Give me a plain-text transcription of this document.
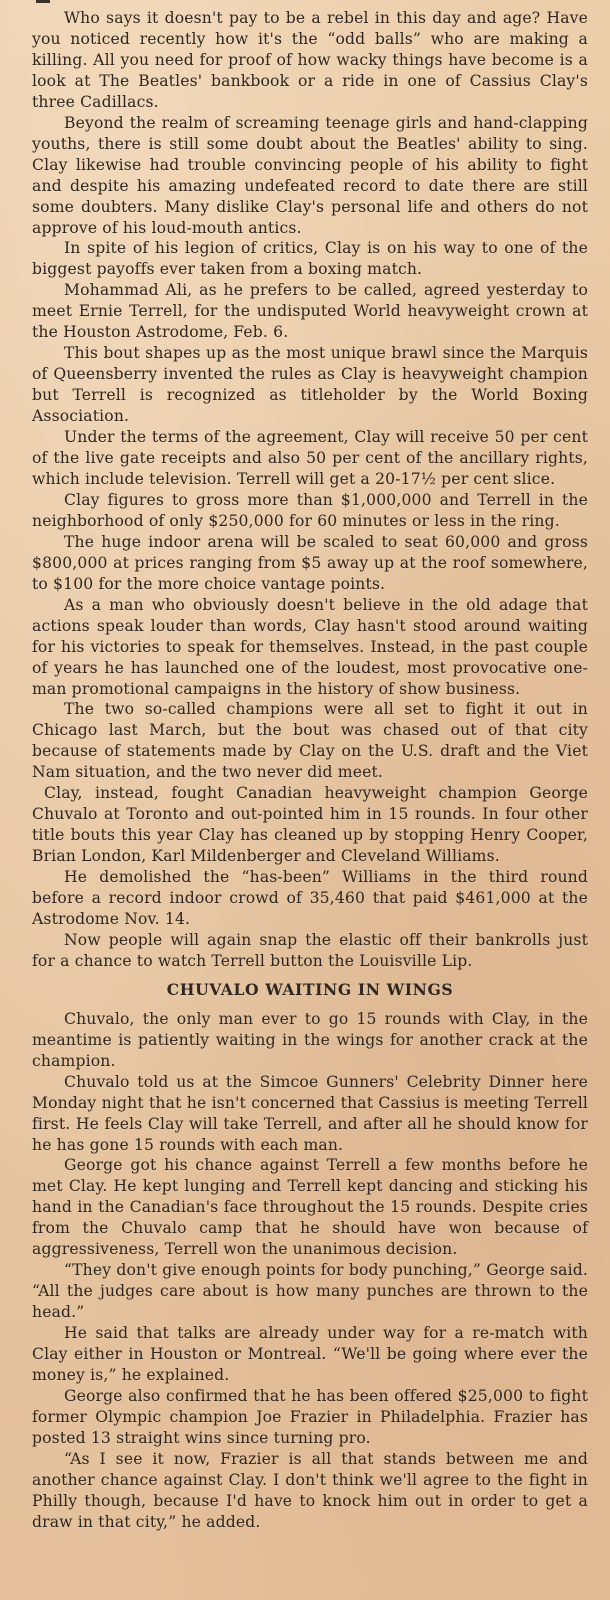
Who says it doesn't pay to be a rebel in this day and age? Have you noticed recently how it's the “odd balls” who are making a killing. All you need for proof of how wacky things have become is a look at The Beatles' bankbook or a ride in one of Cassius Clay's three Cadillacs.

Beyond the realm of screaming teenage girls and hand-clapping youths, there is still some doubt about the Beatles' ability to sing. Clay likewise had trouble convincing people of his ability to fight and despite his amazing undefeated record to date there are still some doubters. Many dislike Clay's personal life and others do not approve of his loud-mouth antics.

In spite of his legion of critics, Clay is on his way to one of the biggest payoffs ever taken from a boxing match.

Mohammad Ali, as he prefers to be called, agreed yesterday to meet Ernie Terrell, for the undisputed World heavyweight crown at the Houston Astrodome, Feb. 6.

This bout shapes up as the most unique brawl since the Marquis of Queensberry invented the rules as Clay is heavyweight champion but Terrell is recognized as titleholder by the World Boxing Association.

Under the terms of the agreement, Clay will receive 50 per cent of the live gate receipts and also 50 per cent of the ancillary rights, which include television. Terrell will get a 20-17½ per cent slice.

Clay figures to gross more than $1,000,000 and Terrell in the neighborhood of only $250,000 for 60 minutes or less in the ring.

The huge indoor arena will be scaled to seat 60,000 and gross $800,000 at prices ranging from $5 away up at the roof somewhere, to $100 for the more choice vantage points.

As a man who obviously doesn't believe in the old adage that actions speak louder than words, Clay hasn't stood around waiting for his victories to speak for themselves. Instead, in the past couple of years he has launched one of the loudest, most provocative one-man promotional campaigns in the history of show business.

The two so-called champions were all set to fight it out in Chicago last March, but the bout was chased out of that city because of statements made by Clay on the U.S. draft and the Viet Nam situation, and the two never did meet.

Clay, instead, fought Canadian heavyweight champion George Chuvalo at Toronto and out-pointed him in 15 rounds. In four other title bouts this year Clay has cleaned up by stopping Henry Cooper, Brian London, Karl Mildenberger and Cleveland Williams.

He demolished the “has-been” Williams in the third round before a record indoor crowd of 35,460 that paid $461,000 at the Astrodome Nov. 14.

Now people will again snap the elastic off their bankrolls just for a chance to watch Terrell button the Louisville Lip.

CHUVALO WAITING IN WINGS

Chuvalo, the only man ever to go 15 rounds with Clay, in the meantime is patiently waiting in the wings for another crack at the champion.

Chuvalo told us at the Simcoe Gunners' Celebrity Dinner here Monday night that he isn't concerned that Cassius is meeting Terrell first. He feels Clay will take Terrell, and after all he should know for he has gone 15 rounds with each man.

George got his chance against Terrell a few months before he met Clay. He kept lunging and Terrell kept dancing and sticking his hand in the Canadian's face throughout the 15 rounds. Despite cries from the Chuvalo camp that he should have won because of aggressiveness, Terrell won the unanimous decision.

“They don't give enough points for body punching,” George said. “All the judges care about is how many punches are thrown to the head.”

He said that talks are already under way for a re-match with Clay either in Houston or Montreal. “We'll be going where ever the money is,” he explained.

George also confirmed that he has been offered $25,000 to fight former Olympic champion Joe Frazier in Philadelphia. Frazier has posted 13 straight wins since turning pro.

“As I see it now, Frazier is all that stands between me and another chance against Clay. I don't think we'll agree to the fight in Philly though, because I'd have to knock him out in order to get a draw in that city,” he added.
